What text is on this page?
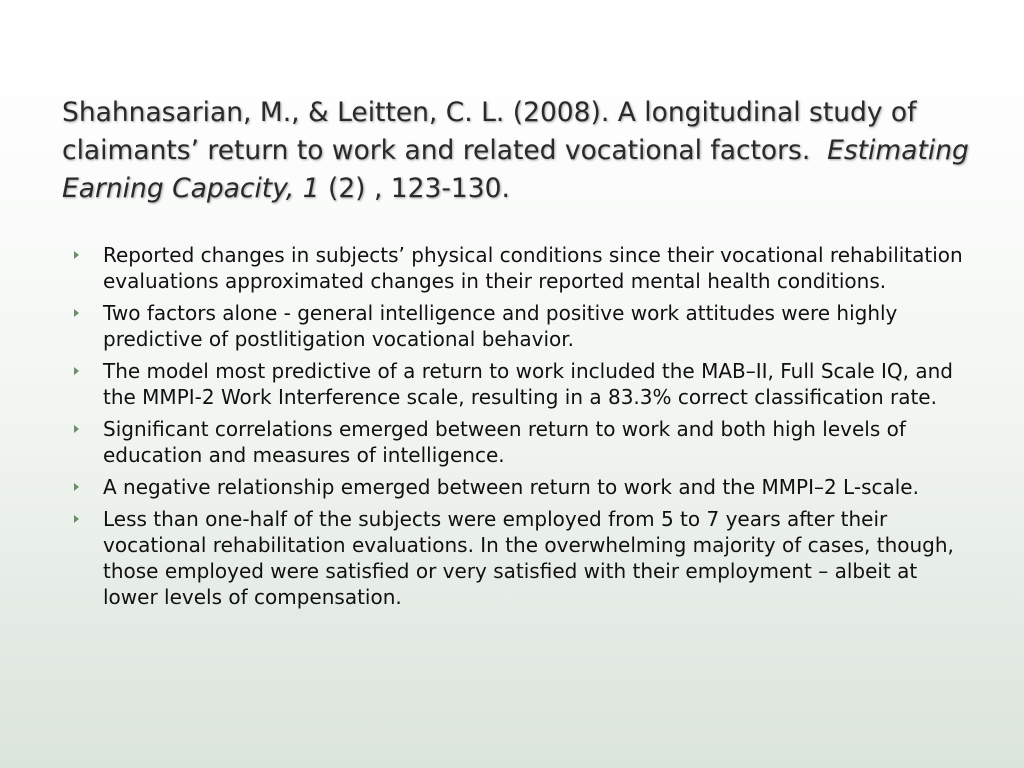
Shahnasarian, M., & Leitten, C. L. (2008). A longitudinal study of claimants’ return to work and related vocational factors. Estimating Earning Capacity, 1 (2) , 123-130.
Reported changes in subjects’ physical conditions since their vocational rehabilitation evaluations approximated changes in their reported mental health conditions.
Two factors alone - general intelligence and positive work attitudes were highly predictive of postlitigation vocational behavior.
The model most predictive of a return to work included the MAB–II, Full Scale IQ, and the MMPI-2 Work Interference scale, resulting in a 83.3% correct classification rate.
Significant correlations emerged between return to work and both high levels of education and measures of intelligence.
A negative relationship emerged between return to work and the MMPI–2 L-scale.
Less than one-half of the subjects were employed from 5 to 7 years after their vocational rehabilitation evaluations. In the overwhelming majority of cases, though, those employed were satisfied or very satisfied with their employment – albeit at lower levels of compensation.
